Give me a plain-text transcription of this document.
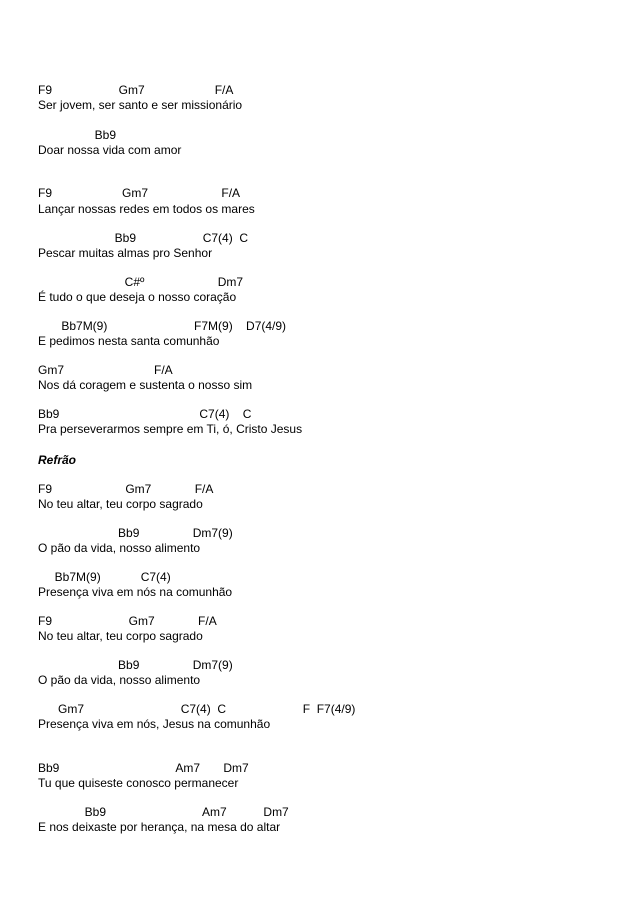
F9                    Gm7                     F/A
Ser jovem, ser santo e ser missionário
Bb9
Doar nossa vida com amor
F9                     Gm7                      F/A
Lançar nossas redes em todos os mares
Bb9                    C7(4)  C
Pescar muitas almas pro Senhor
C#º                      Dm7
É tudo o que deseja o nosso coração
Bb7M(9)                          F7M(9)    D7(4/9)
E pedimos nesta santa comunhão
Gm7                           F/A
Nos dá coragem e sustenta o nosso sim
Bb9                                          C7(4)    C
Pra perseverarmos sempre em Ti, ó, Cristo Jesus
Refrão
F9                      Gm7             F/A
No teu altar, teu corpo sagrado
Bb9                Dm7(9)
O pão da vida, nosso alimento
Bb7M(9)            C7(4)
Presença viva em nós na comunhão
F9                       Gm7             F/A
No teu altar, teu corpo sagrado
Bb9                Dm7(9)
O pão da vida, nosso alimento
Gm7                             C7(4)  C                       F  F7(4/9)
Presença viva em nós, Jesus na comunhão
Bb9                                   Am7       Dm7
Tu que quiseste conosco permanecer
Bb9                             Am7           Dm7
E nos deixaste por herança, na mesa do altar
